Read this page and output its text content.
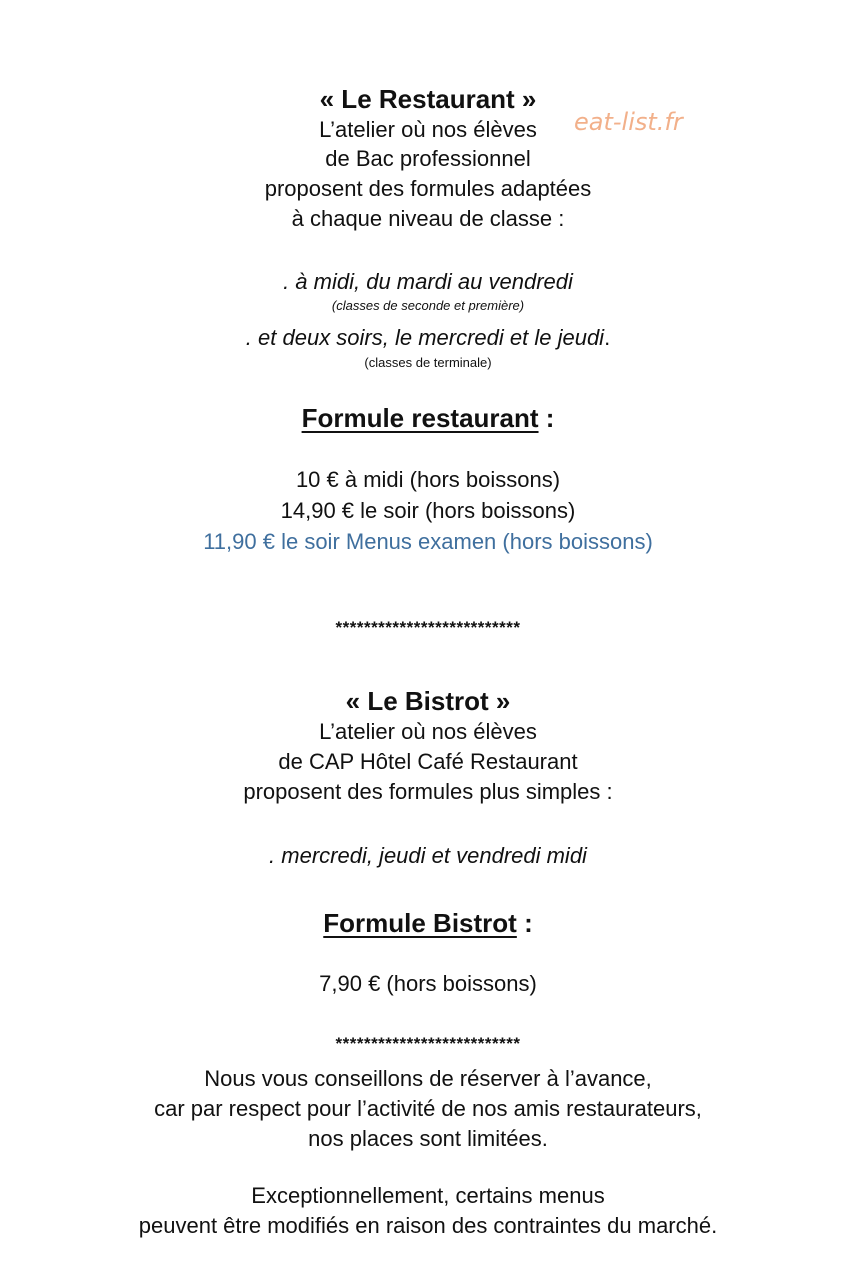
« Le Restaurant »

eat-list.fr

L’atelier où nos élèves

de Bac professionnel

proposent des formules adaptées

à chaque niveau de classe :

. à midi, du mardi au vendredi

(classes de seconde et première)

. et deux soirs, le mercredi et le jeudi.

(classes de terminale)

Formule restaurant :

10 € à midi (hors boissons)

14,90 € le soir (hors boissons)

11,90 € le soir Menus examen (hors boissons)

**************************

« Le Bistrot »

L’atelier où nos élèves

de CAP Hôtel Café Restaurant

proposent des formules plus simples :

. mercredi, jeudi et vendredi midi

Formule Bistrot :

7,90 € (hors boissons)

**************************

Nous vous conseillons de réserver à l’avance,

car par respect pour l’activité de nos amis restaurateurs,

nos places sont limitées.

Exceptionnellement, certains menus

peuvent être modifiés en raison des contraintes du marché.
